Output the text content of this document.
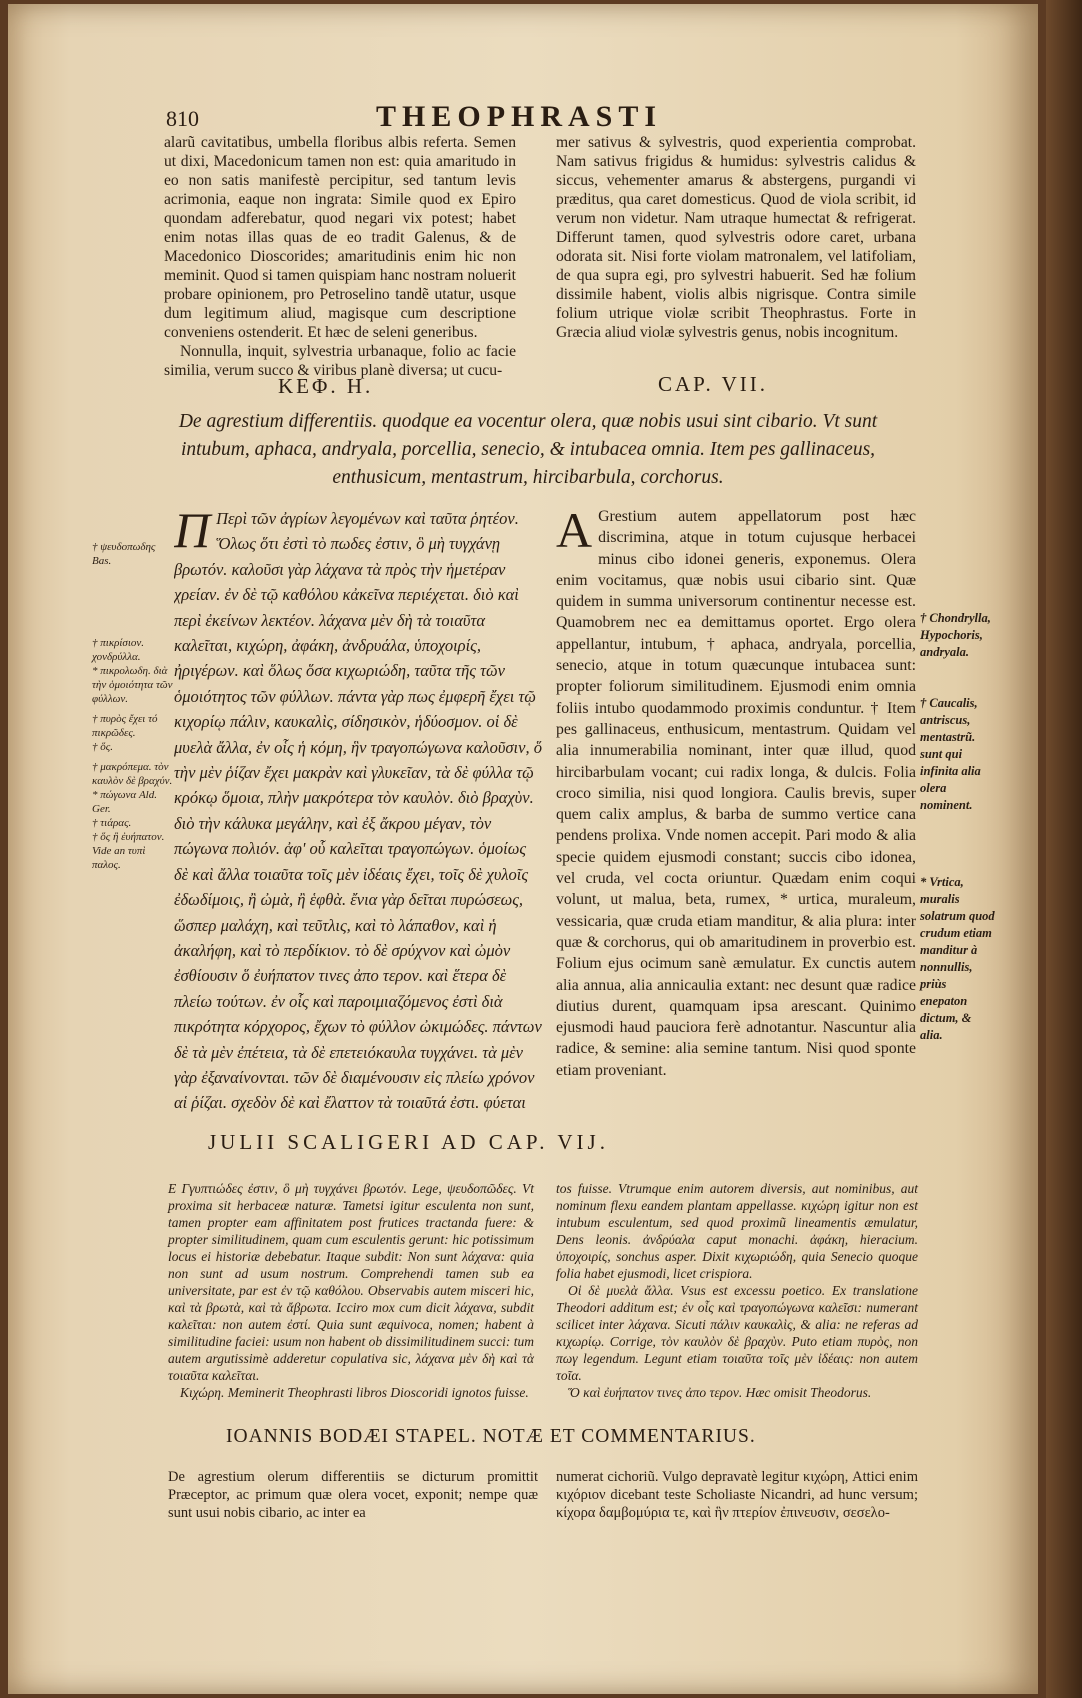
810	THEOPHRASTI

alarũ cavitatibus, umbella floribus albis referta. Semen ut dixi, Macedonicum tamen non est: quia amaritudo in eo non satis manifestè percipitur, sed tantum levis acrimonia, eaque non ingrata: Simile quod ex Epiro quondam adferebatur, quod negari vix potest; habet enim notas illas quas de eo tradit Galenus, & de Macedonico Dioscorides; amaritudinis enim hic non meminit. Quod si tamen quispiam hanc nostram noluerit probare opinionem, pro Petroselino tandẽ utatur, usque dum legitimum aliud, magisque cum descriptione conveniens ostenderit. Et hæc de seleni generibus.

Nonnulla, inquit, sylvestria urbanaque, folio ac facie similia, verum succo & viribus planè diversa; ut cucu-

mer sativus & sylvestris, quod experientia comprobat. Nam sativus frigidus & humidus: sylvestris calidus & siccus, vehementer amarus & abstergens, purgandi vi præditus, qua caret domesticus. Quod de viola scribit, id verum non videtur. Nam utraque humectat & refrigerat. Differunt tamen, quod sylvestris odore caret, urbana odorata sit. Nisi forte violam matronalem, vel latifoliam, de qua supra egi, pro sylvestri habuerit. Sed hæ folium dissimile habent, violis albis nigrisque. Contra simile folium utrique violæ scribit Theophrastus. Forte in Græcia aliud violæ sylvestris genus, nobis incognitum.

ΚΕΦ. Η.	CAP. VII.
De agrestium differentiis. quodque ea vocentur olera, quæ nobis usui sint cibario. Vt sunt intubum, aphaca, andryala, porcellia, senecio, & intubacea omnia. Item pes gallinaceus, enthusicum, mentastrum, hircibarbula, corchorus.
† ψευδοπωδης Bas.
† πικρίσιον. χονδρύλλα.
* πικρολωδη. διὰ τὴν ὁμοιότητα τῶν φύλλων.
† πυρὸς ἔχει τό πικρῶδες.
† ὅς.
† μακρόπεμα. τὸν καυλὸν δὲ βραχύν.
* πώγωνα Ald. Ger.
† τιάρας.
† ὅς ἢ ἐυήπατον. Vide an τυπὶ παλος.
Π Περὶ τῶν ἀγρίων λεγομένων καὶ ταῦτα ῥητέον. Ὅλως ὅτι ἐστὶ τὸ πωδες ἐστιν, ὃ μὴ τυγχάνῃ βρωτόν. καλοῦσι γὰρ λάχανα τὰ πρὸς τὴν ἡμετέραν χρείαν. ἐν δὲ τῷ καθόλου κἀκεῖνα περιέχεται. διὸ καὶ περὶ ἐκείνων λεκτέον. λάχανα μὲν δὴ τὰ τοιαῦτα καλεῖται, κιχώρη, ἀφάκη, ἀνδρυάλα, ὑποχοιρίς, ἠριγέρων. καὶ ὅλως ὅσα κιχωριώδη, ταῦτα τῆς τῶν ὁμοιότητος τῶν φύλλων. πάντα γὰρ πως ἐμφερῆ ἔχει τῷ κιχορίῳ πάλιν, καυκαλὶς, σίδησικὸν, ἡδύοσμον. οἱ δὲ μυελὰ ἄλλα, ἐν οἷς ἡ κόμη, ἣν τραγοπώγωνα καλοῦσιν, ὅ τὴν μὲν ῥίζαν ἔχει μακρὰν καὶ γλυκεῖαν, τὰ δὲ φύλλα τῷ κρόκῳ ὅμοια, πλὴν μακρότερα τὸν καυλὸν. διὸ βραχὺν. διὸ τὴν κάλυκα μεγάλην, καὶ ἐξ ἄκρου μέγαν, τὸν πώγωνα πολιόν. ἀφ' οὗ καλεῖται τραγοπώγων. ὁμοίως δὲ καὶ ἄλλα τοιαῦτα τοῖς μὲν ἰδέαις ἔχει, τοῖς δὲ χυλοῖς ἐδωδίμοις, ἢ ὠμὰ, ἢ ἑφθὰ. ἔνια γὰρ δεῖται πυρώσεως, ὥσπερ μαλάχη, καὶ τεῦτλις, καὶ τὸ λάπαθον, καὶ ἡ ἀκαλήφη, καὶ τὸ περδίκιον. τὸ δὲ σρύχνον καὶ ὠμὸν ἐσθίουσιν ὅ ἐυήπατον τινες ἀπο τερον. καὶ ἕτερα δὲ πλείω τούτων. ἐν οἷς καὶ παροιμιαζόμενος ἐστὶ διὰ πικρότητα κόρχορος, ἔχων τὸ φύλλον ὠκιμώδες. πάντων δὲ τὰ μὲν ἐπέτεια, τὰ δὲ επετειόκαυλα τυγχάνει. τὰ μὲν γὰρ ἐξαναίνονται. τῶν δὲ διαμένουσιν εἰς πλείω χρόνον αἱ ῥίζαι. σχεδὸν δὲ καὶ ἔλαττον τὰ τοιαῦτά ἐστι. φύεται
A Grestium autem appellatorum post hæc discrimina, atque in totum cujusque herbacei minus cibo idonei generis, exponemus. Olera enim vocitamus, quæ nobis usui cibario sint. Quæ quidem in summa universorum continentur necesse est. Quamobrem nec ea demittamus oportet. Ergo olera appellantur, intubum, † aphaca, andryala, porcellia, senecio, atque in totum quæcunque intubacea sunt: propter foliorum similitudinem. Ejusmodi enim omnia foliis intubo quodammodo proximis conduntur. † Item pes gallinaceus, enthusicum, mentastrum. Quidam vel alia innumerabilia nominant, inter quæ illud, quod hircibarbulam vocant; cui radix longa, & dulcis. Folia croco similia, nisi quod longiora. Caulis brevis, super quem calix amplus, & barba de summo vertice cana pendens prolixa. Vnde nomen accepit. Pari modo & alia specie quidem ejusmodi constant; succis cibo idonea, vel cruda, vel cocta oriuntur. Quædam enim coqui volunt, ut malua, beta, rumex, * urtica, muraleum, vessicaria, quæ cruda etiam manditur, & alia plura: inter quæ & corchorus, qui ob amaritudinem in proverbio est. Folium ejus ocimum sanè æmulatur. Ex cunctis autem alia annua, alia annicaulia extant: nec desunt quæ radice diutius durent, quamquam ipsa arescant. Quinimo ejusmodi haud pauciora ferè adnotantur. Nascuntur alia radice, & semine: alia semine tantum. Nisi quod sponte etiam proveniant.
† Chondrylla, Hypochoris, andryala.
† Caucalis, antriscus, mentastrũ. sunt qui infinita alia olera nominent.
* Vrtica, muralis solatrum quod crudum etiam manditur à nonnullis, priùs enepaton dictum, & alia.
JULII SCALIGERI AD CAP. VIJ.
Ε Γγυπτιώδες ἐστιν, ὃ μὴ τυγχάνει βρωτόν. Lege, ψευδοπῶδες. Vt proxima sit herbaceæ naturæ. Tametsi igitur esculenta non sunt, tamen propter eam affinitatem post frutices tractanda fuere: & propter similitudinem, quam cum esculentis gerunt: hic potissimum locus ei historiæ debebatur. Itaque subdit: Non sunt λάχανα: quia non sunt ad usum nostrum. Comprehendi tamen sub ea universitate, par est ἐν τῷ καθόλου. Observabis autem misceri hic, καὶ τὰ βρωτὰ, καὶ τὰ ἄβρωτα. Icciro mox cum dicit λάχανα, subdit καλεῖται: non autem ἐστί. Quia sunt æquivoca, nomen; habent à similitudine faciei: usum non habent ob dissimilitudinem succi: tum autem argutissimè adderetur copulativa sic, λάχανα μὲν δὴ καὶ τὰ τοιαῦτα καλεῖται.
Κιχώρη. Meminerit Theophrasti libros Dioscoridi ignotos fuisse.
tos fuisse. Vtrumque enim autorem diversis, aut nominibus, aut nominum flexu eandem plantam appellasse. κιχώρη igitur non est intubum esculentum, sed quod proximũ lineamentis æmulatur, Dens leonis. ἀνδρύαλα caput monachi. ἀφάκη, hieracium. ὑποχοιρίς, sonchus asper. Dixit κιχωριώδη, quia Senecio quoque folia habet ejusmodi, licet crispiora.
Οἱ δὲ μυελὰ ἄλλα. Vsus est excessu poetico. Ex translatione Theodori additum est; ἐν οἷς καὶ τραγοπώγωνα καλεῖσι: numerant scilicet inter λάχανα. Sicuti πάλιν καυκαλὶς, & alia: ne referas ad κιχωρίῳ. Corrige, τὸν καυλὸν δὲ βραχὺν. Puto etiam πυρὸς, non πωγ legendum. Legunt etiam τοιαῦτα τοῖς μὲν ἰδέαις: non autem τοῖα.
Ὅ καὶ ἐυήπατον τινες ἀπο τερον. Hæc omisit Theodorus.
IOANNIS BODÆI STAPEL. NOTÆ ET COMMENTARIUS.
De agrestium olerum differentiis se dicturum promittit Præceptor, ac primum quæ olera vocet, exponit; nempe quæ sunt usui nobis cibario, ac inter ea
numerat cichoriũ. Vulgo depravatè legitur κιχώρη, Attici enim κιχόριον dicebant teste Scholiaste Nicandri, ad hunc versum; κίχορα δαμβομύρια τε, καὶ ἣν πτερίον ἐπινευσιν, σεσελο-
